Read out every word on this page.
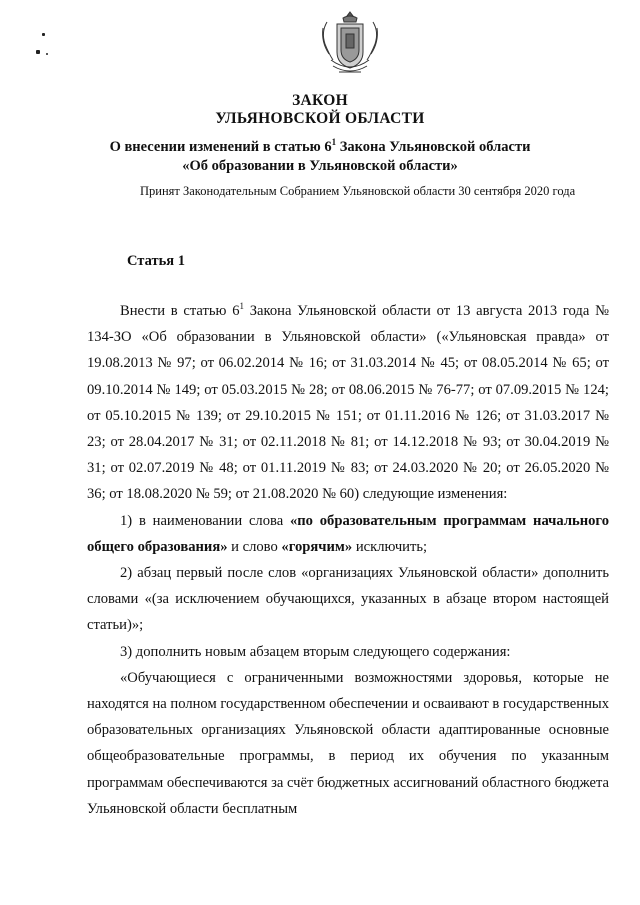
ЗАКОН
УЛЬЯНОВСКОЙ ОБЛАСТИ
О внесении изменений в статью $6^1$ Закона Ульяновской области
«Об образовании в Ульяновской области»
Принят Законодательным Собранием Ульяновской области 30 сентября 2020 года
Статья 1

Внести в статью $6^1$ Закона Ульяновской области от 13 августа 2013 года № 134-ЗО «Об образовании в Ульяновской области» («Ульяновская правда» от 19.08.2013 № 97; от 06.02.2014 № 16; от 31.03.2014 № 45; от 08.05.2014 № 65; от 09.10.2014 № 149; от 05.03.2015 № 28; от 08.06.2015 № 76-77; от 07.09.2015 № 124; от 05.10.2015 № 139; от 29.10.2015 № 151; от 01.11.2016 № 126; от 31.03.2017 № 23; от 28.04.2017 № 31; от 02.11.2018 № 81; от 14.12.2018 № 93; от 30.04.2019 № 31; от 02.07.2019 № 48; от 01.11.2019 № 83; от 24.03.2020 № 20; от 26.05.2020 № 36; от 18.08.2020 № 59; от 21.08.2020 № 60) следующие изменения:

1) в наименовании слова «по образовательным программам начального общего образования» и слово «горячим» исключить;

2) абзац первый после слов «организациях Ульяновской области» дополнить словами «(за исключением обучающихся, указанных в абзаце втором настоящей статьи)»;

3) дополнить новым абзацем вторым следующего содержания:

«Обучающиеся с ограниченными возможностями здоровья, которые не находятся на полном государственном обеспечении и осваивают в государственных образовательных организациях Ульяновской области адаптированные основные общеобразовательные программы, в период их обучения по указанным программам обеспечиваются за счёт бюджетных ассигнований областного бюджета Ульяновской области бесплатным
